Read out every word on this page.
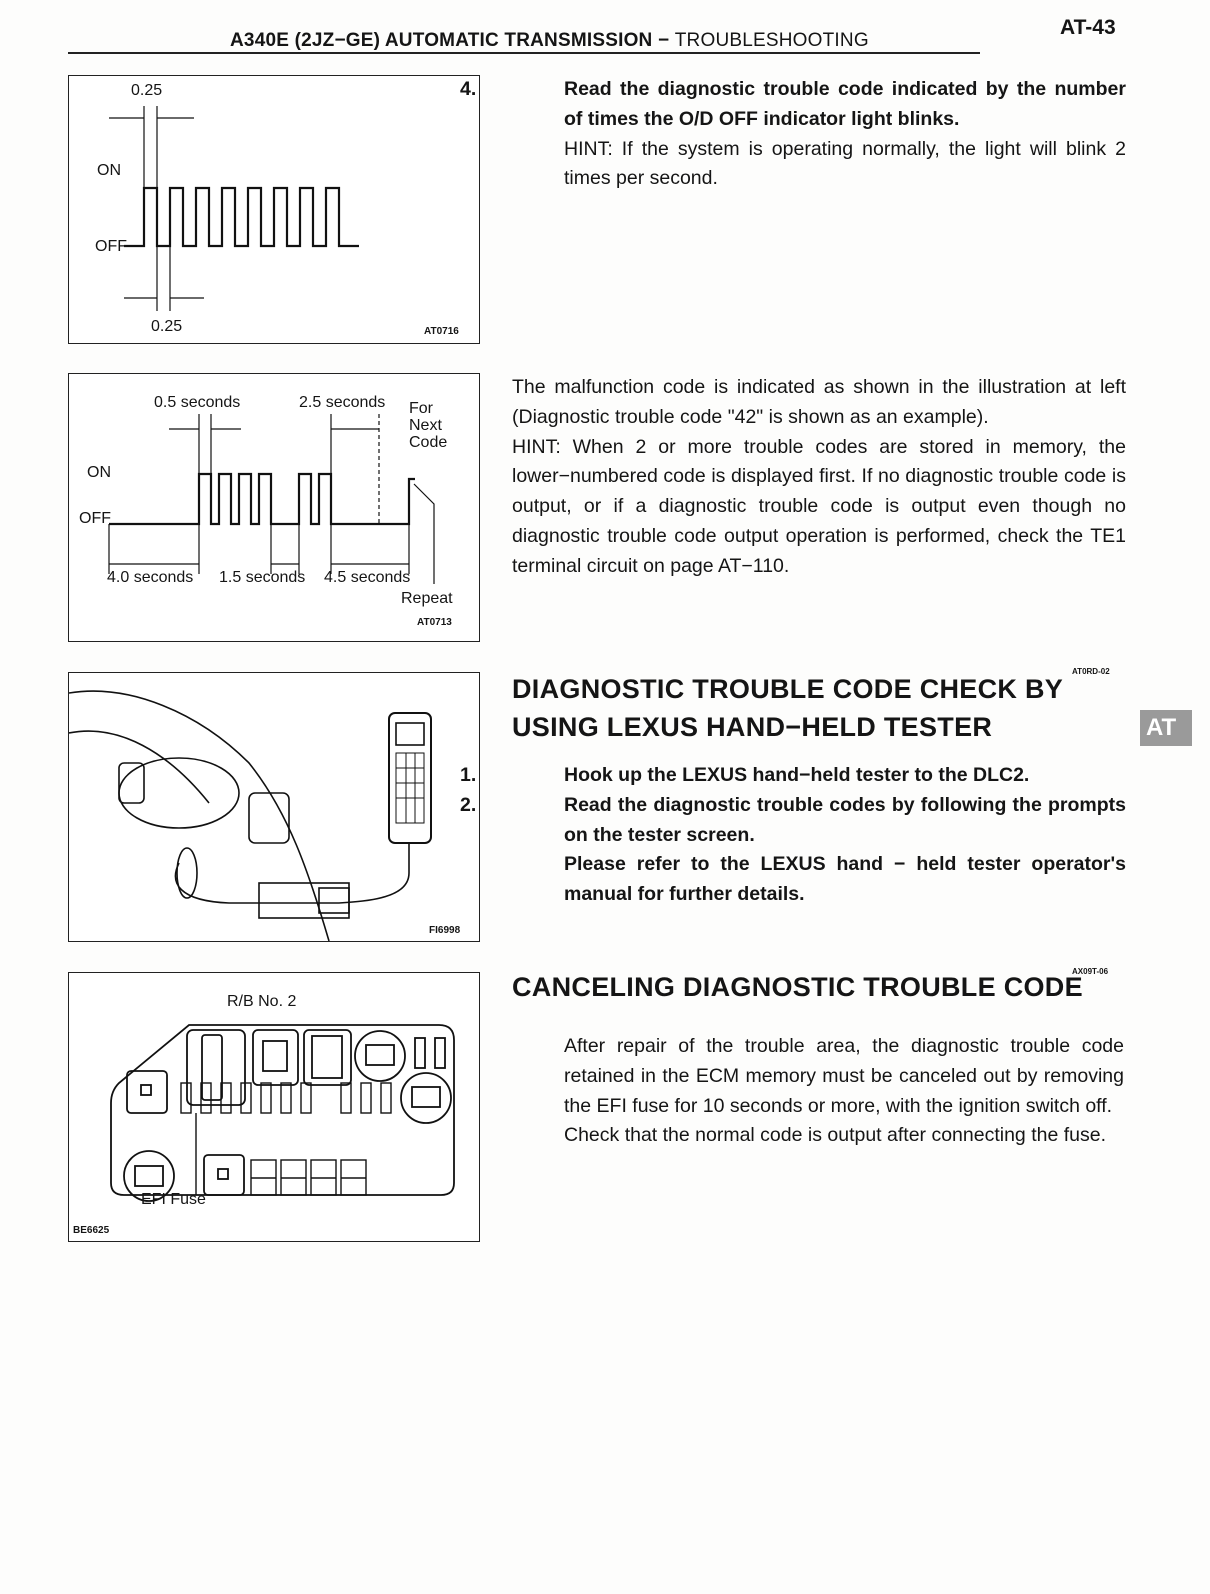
A340E (2JZ−GE) AUTOMATIC TRANSMISSION − TROUBLESHOOTING
AT-43
0.25
ON
OFF
0.25	AT0716
0.5 seconds	2.5 seconds For Next Code
ON
OFF
4.0 seconds 1.5 seconds 4.5 seconds
Repeat
AT0713
FI6998
R/B No. 2
EFI Fuse
BE6625

4.	Read the diagnostic trouble code indicated by the number of times the O/D OFF indicator light blinks.

HINT: If the system is operating normally, the light will blink 2 times per second.

The malfunction code is indicated as shown in the illustration at left (Diagnostic trouble code "42" is shown as an example).

HINT: When 2 or more trouble codes are stored in memory, the lower−numbered code is displayed first. If no diagnostic trouble code is output, or if a diagnostic trouble code is output even though no diagnostic trouble code output operation is performed, check the TE1 terminal circuit on page AT−110.

AT0RD-02
DIAGNOSTIC TROUBLE CODE CHECK BY
USING LEXUS HAND−HELD TESTER

1.	Hook up the LEXUS hand−held tester to the DLC2.

2.	Read the diagnostic trouble codes by following the prompts on the tester screen.

Please refer to the LEXUS hand − held tester operator's manual for further details.

AX09T-06
CANCELING DIAGNOSTIC TROUBLE CODE

After repair of the trouble area, the diagnostic trouble code retained in the ECM memory must be canceled out by removing the EFI fuse for 10 seconds or more, with the ignition switch off.

Check that the normal code is output after connecting the fuse.

AT
